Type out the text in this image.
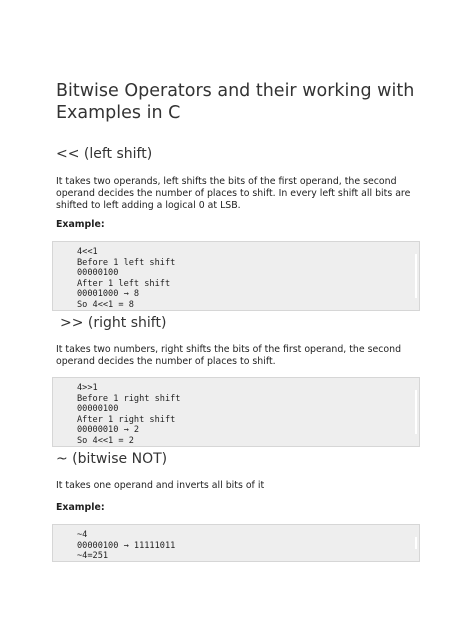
Bitwise Operators and their working with Examples in C
<< (left shift)

It takes two operands, left shifts the bits of the first operand, the second operand decides the number of places to shift. In every left shift all bits are shifted to left adding a logical 0 at LSB.

Example:

4<<1
Before 1 left shift
00000100
After 1 left shift
00001000 → 8
So 4<<1 = 8
>> (right shift)

It takes two numbers, right shifts the bits of the first operand, the second operand decides the number of places to shift.

4>>1
Before 1 right shift
00000100
After 1 right shift
00000010 → 2
So 4<<1 = 2
~ (bitwise NOT)

It takes one operand and inverts all bits of it

Example:

~4
00000100 → 11111011
~4=251
